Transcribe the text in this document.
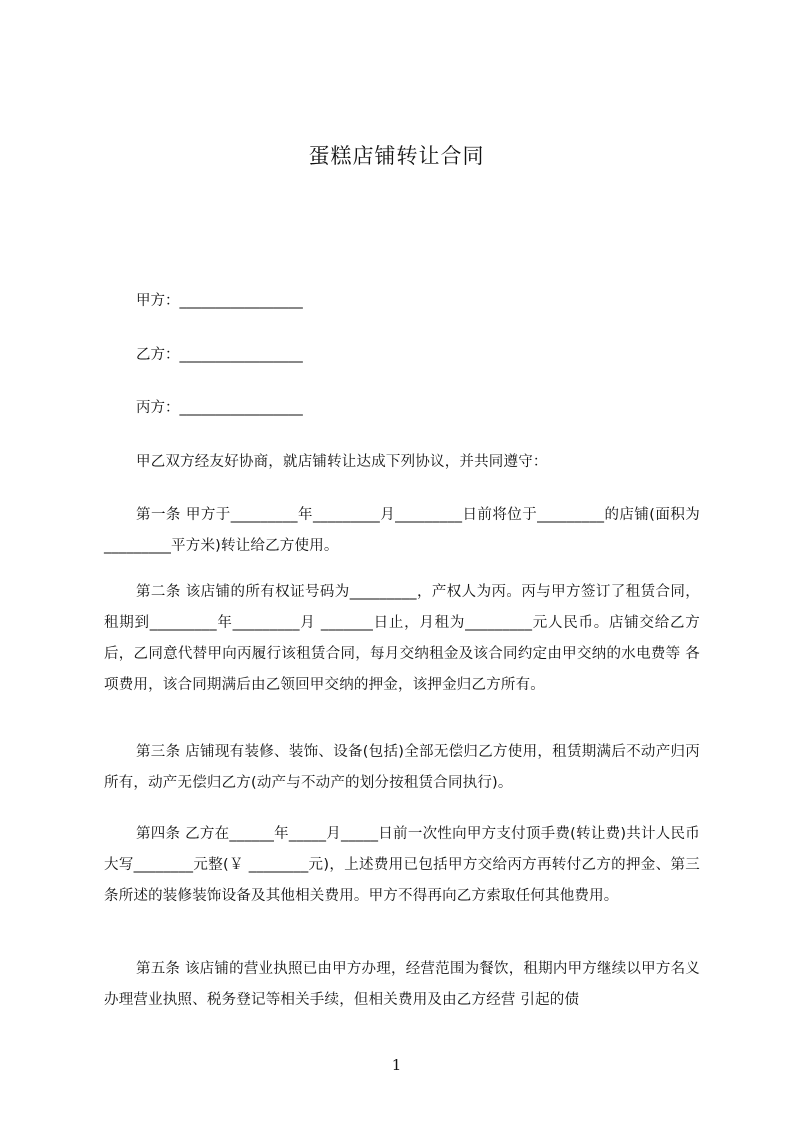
蛋糕店铺转让合同
甲方：_________________
乙方：_________________
丙方：_________________
甲乙双方经友好协商，就店铺转让达成下列协议，并共同遵守：
第一条 甲方于_________年_________月_________日前将位于_________的店铺(面积为_________平方米)转让给乙方使用。
第二条 该店铺的所有权证号码为_________，产权人为丙。丙与甲方签订了租赁合同，租期到_________年_________月 _______日止，月租为_________元人民币。店铺交给乙方后，乙同意代替甲向丙履行该租赁合同，每月交纳租金及该合同约定由甲交纳的水电费等 各项费用，该合同期满后由乙领回甲交纳的押金，该押金归乙方所有。
第三条 店铺现有装修、装饰、设备(包括)全部无偿归乙方使用，租赁期满后不动产归丙所有，动产无偿归乙方(动产与不动产的划分按租赁合同执行)。
第四条 乙方在______年_____月_____日前一次性向甲方支付顶手费(转让费)共计人民币大写________元整(￥ ________元)，上述费用已包括甲方交给丙方再转付乙方的押金、第三条所述的装修装饰设备及其他相关费用。甲方不得再向乙方索取任何其他费用。
第五条 该店铺的营业执照已由甲方办理，经营范围为餐饮，租期内甲方继续以甲方名义办理营业执照、税务登记等相关手续，但相关费用及由乙方经营 引起的债
1
